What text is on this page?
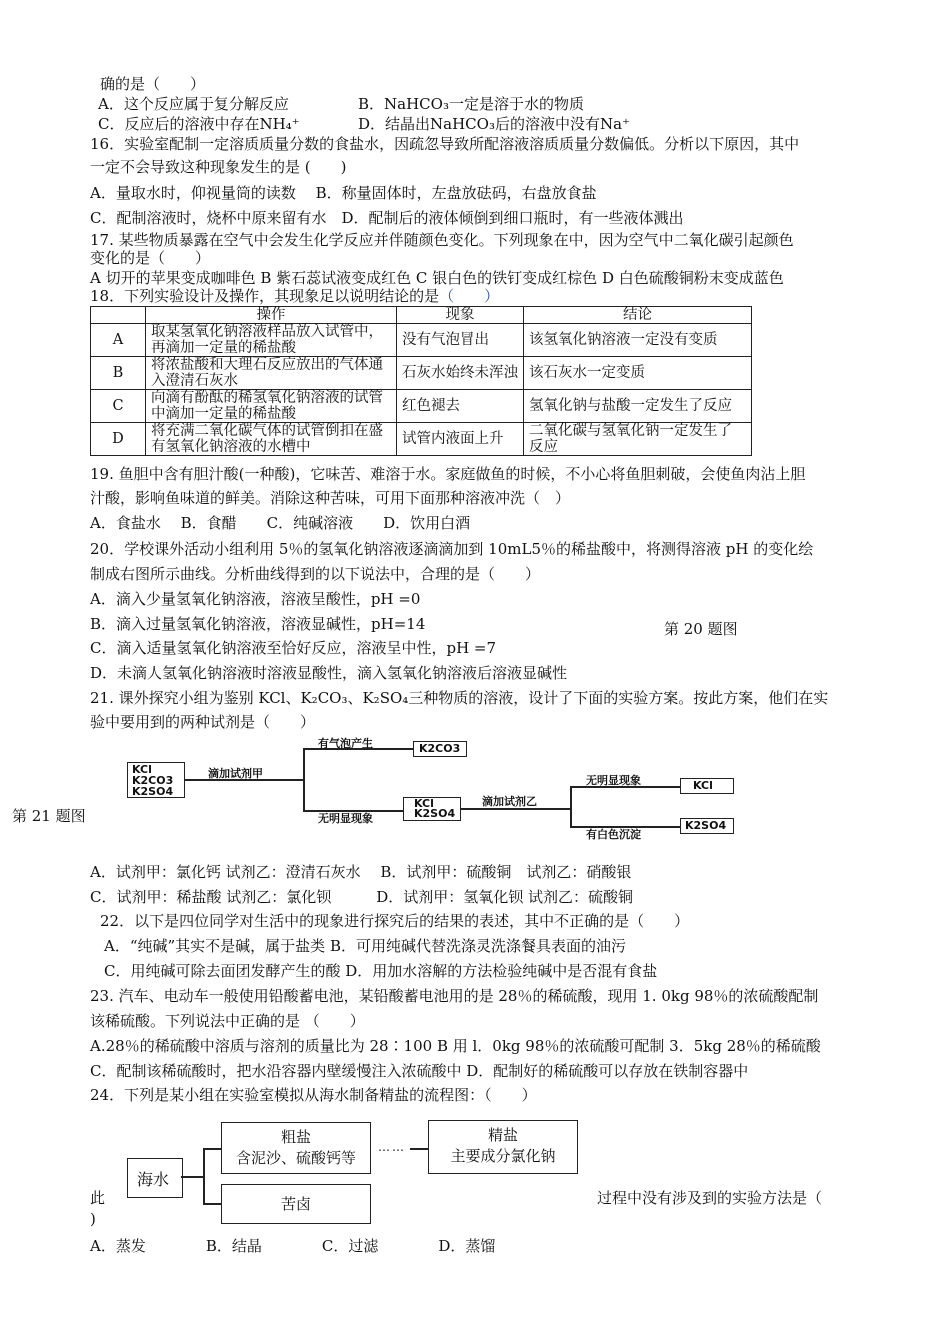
确的是（　　）
A．这个反应属于复分解反应	B．NaHCO₃一定是溶于水的物质
C．反应后的溶液中存在NH₄⁺	D．结晶出NaHCO₃后的溶液中没有Na⁺
16．实验室配制一定溶质质量分数的食盐水，因疏忽导致所配溶液溶质质量分数偏低。分析以下原因，其中
一定不会导致这种现象发生的是 (　　)
A．量取水时，仰视量筒的读数　 B．称量固体时，左盘放砝码，右盘放食盐
C．配制溶液时，烧杯中原来留有水　D．配制后的液体倾倒到细口瓶时，有一些液体溅出
17. 某些物质暴露在空气中会发生化学反应并伴随颜色变化。下列现象在中，因为空气中二氧化碳引起颜色
变化的是（　　）
A 切开的苹果变成咖啡色 B 紫石蕊试液变成红色 C 银白色的铁钉变成红棕色 D 白色硫酸铜粉末变成蓝色
18．下列实验设计及操作，其现象足以说明结论的是（　　）
	操作	现象	结论
A	取某氢氧化钠溶液样品放入试管中，再滴加一定量的稀盐酸	没有气泡冒出	该氢氧化钠溶液一定没有变质
B	将浓盐酸和大理石反应放出的气体通入澄清石灰水	石灰水始终未浑浊	该石灰水一定变质
C	向滴有酚酞的稀氢氧化钠溶液的试管中滴加一定量的稀盐酸	红色褪去	氢氧化钠与盐酸一定发生了反应
D	将充满二氧化碳气体的试管倒扣在盛有氢氧化钠溶液的水槽中	试管内液面上升	二氧化碳与氢氧化钠一定发生了反应
19. 鱼胆中含有胆汁酸(一种酸)，它味苦、难溶于水。家庭做鱼的时候，不小心将鱼胆刺破，会使鱼肉沾上胆
汁酸，影响鱼味道的鲜美。消除这种苦味，可用下面那种溶液冲洗（　）
A．食盐水　 B．食醋　　C．纯碱溶液　　D．饮用白酒
20．学校课外活动小组利用 5％的氢氧化钠溶液逐滴滴加到 10mL5％的稀盐酸中，将测得溶液 pH 的变化绘
制成右图所示曲线。分析曲线得到的以下说法中，合理的是（　　）
A．滴入少量氢氧化钠溶液，溶液呈酸性，pH =0
B．滴入过量氢氧化钠溶液，溶液显碱性，pH=14	第 20 题图
C．滴入适量氢氧化钠溶液至恰好反应，溶液呈中性，pH =7
D．未滴人氢氧化钠溶液时溶液显酸性，滴入氢氧化钠溶液后溶液显碱性
21. 课外探究小组为鉴别 KCl、K₂CO₃、K₂SO₄三种物质的溶液，设计了下面的实验方案。按此方案，他们在实
验中要用到的两种试剂是（　　）
第 21 题图
KCl
K2CO3
K2SO4
滴加试剂甲
有气泡产生	K2CO3
无明显现象
KCl
K2SO4
滴加试剂乙
无明显现象	KCl
有白色沉淀
K2SO4
A．试剂甲：氯化钙 试剂乙：澄清石灰水　 B．试剂甲：硫酸铜　试剂乙：硝酸银
C．试剂甲：稀盐酸 试剂乙：氯化钡　　　D．试剂甲：氢氧化钡 试剂乙：硫酸铜
22．以下是四位同学对生活中的现象进行探究后的结果的表述，其中不正确的是（　　）
A．“纯碱”其实不是碱，属于盐类 B．可用纯碱代替洗涤灵洗涤餐具表面的油污
C．用纯碱可除去面团发酵产生的酸 D．用加水溶解的方法检验纯碱中是否混有食盐
23. 汽车、电动车一般使用铅酸蓄电池，某铅酸蓄电池用的是 28％的稀硫酸，现用 1. 0kg 98％的浓硫酸配制
该稀硫酸。下列说法中正确的是 （　　）
A.28％的稀硫酸中溶质与溶剂的质量比为 28∶100 B 用 l．0kg 98％的浓硫酸可配制 3．5kg 28％的稀硫酸
C．配制该稀硫酸时，把水沿容器内壁缓慢注入浓硫酸中 D．配制好的稀硫酸可以存放在铁制容器中
24．下列是某小组在实验室模拟从海水制备精盐的流程图：（　　）
海水
粗盐
含泥沙、硫酸钙等
……
精盐
主要成分氯化钠
苦卤
此	过程中没有涉及到的实验方法是（
)
A．蒸发　　　　B．结晶　　　　C．过滤　　　　D．蒸馏
